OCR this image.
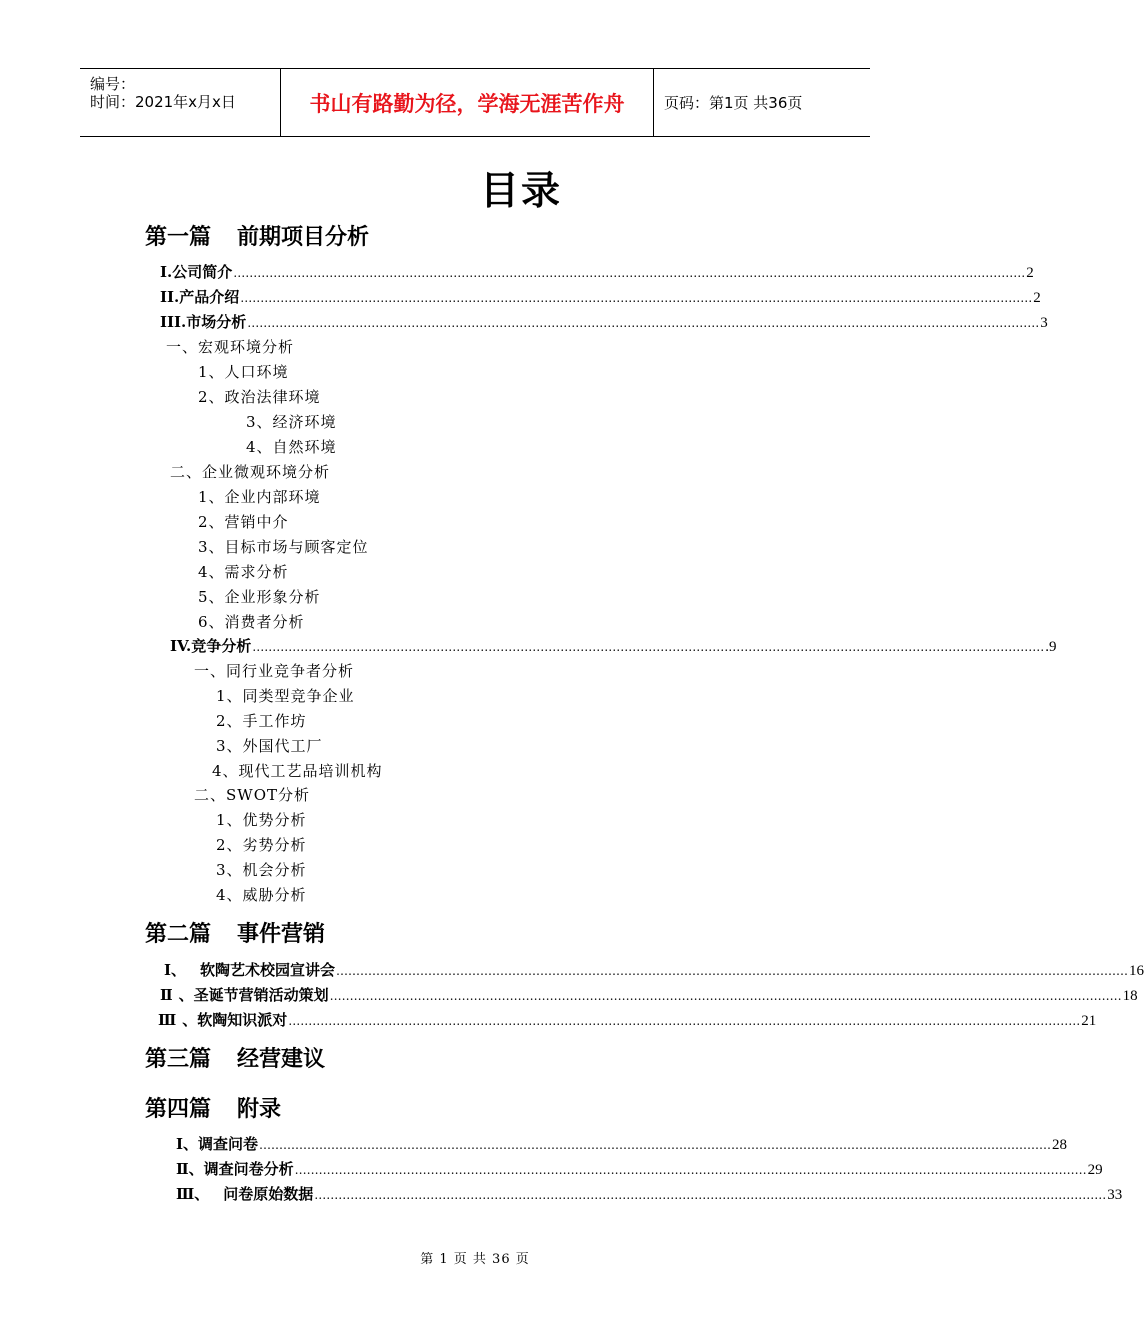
编号：
时间：2021年x月x日	书山有路勤为径，学海无涯苦作舟	页码：第1页 共36页
目录
第一篇 前期项目分析
I. 公司简介 ……………………………………………………………………………………………………………………………………………………………………………… 2
II. 产品介绍 ……………………………………………………………………………………………………………………………………………………………………………… 2
III. 市场分析 ……………………………………………………………………………………………………………………………………………………………………………… 3
一、宏观环境分析
1、人口环境
2、政治法律环境
3、经济环境
4、自然环境
二、企业微观环境分析
1、企业内部环境
2、营销中介
3、目标市场与顾客定位
4、需求分析
5、企业形象分析
6、消费者分析
IV. 竞争分析 ……………………………………………………………………………………………………………………………………………………………………………… .9
一、同行业竞争者分析
1、同类型竞争企业
2、手工作坊
3、外国代工厂
4、现代工艺品培训机构
二、SWOT分析
1、优势分析
2、劣势分析
3、机会分析
4、威胁分析
第二篇 事件营销
Ⅰ、 软陶艺术校园宣讲会 ……………………………………………………………………………………………………………………………………………………………………………… 16
Ⅱ 、圣诞节营销活动策划 ……………………………………………………………………………………………………………………………………………………………………………… 18
Ⅲ 、软陶知识派对 ……………………………………………………………………………………………………………………………………………………………………………… 21
第三篇 经营建议
第四篇 附录
Ⅰ、 调查问卷 ……………………………………………………………………………………………………………………………………………………………………………… 28
Ⅱ、 调查问卷分析 ……………………………………………………………………………………………………………………………………………………………………………… 29
Ⅲ、 问卷原始数据 ……………………………………………………………………………………………………………………………………………………………………………… 33
第 1 页 共 36 页
